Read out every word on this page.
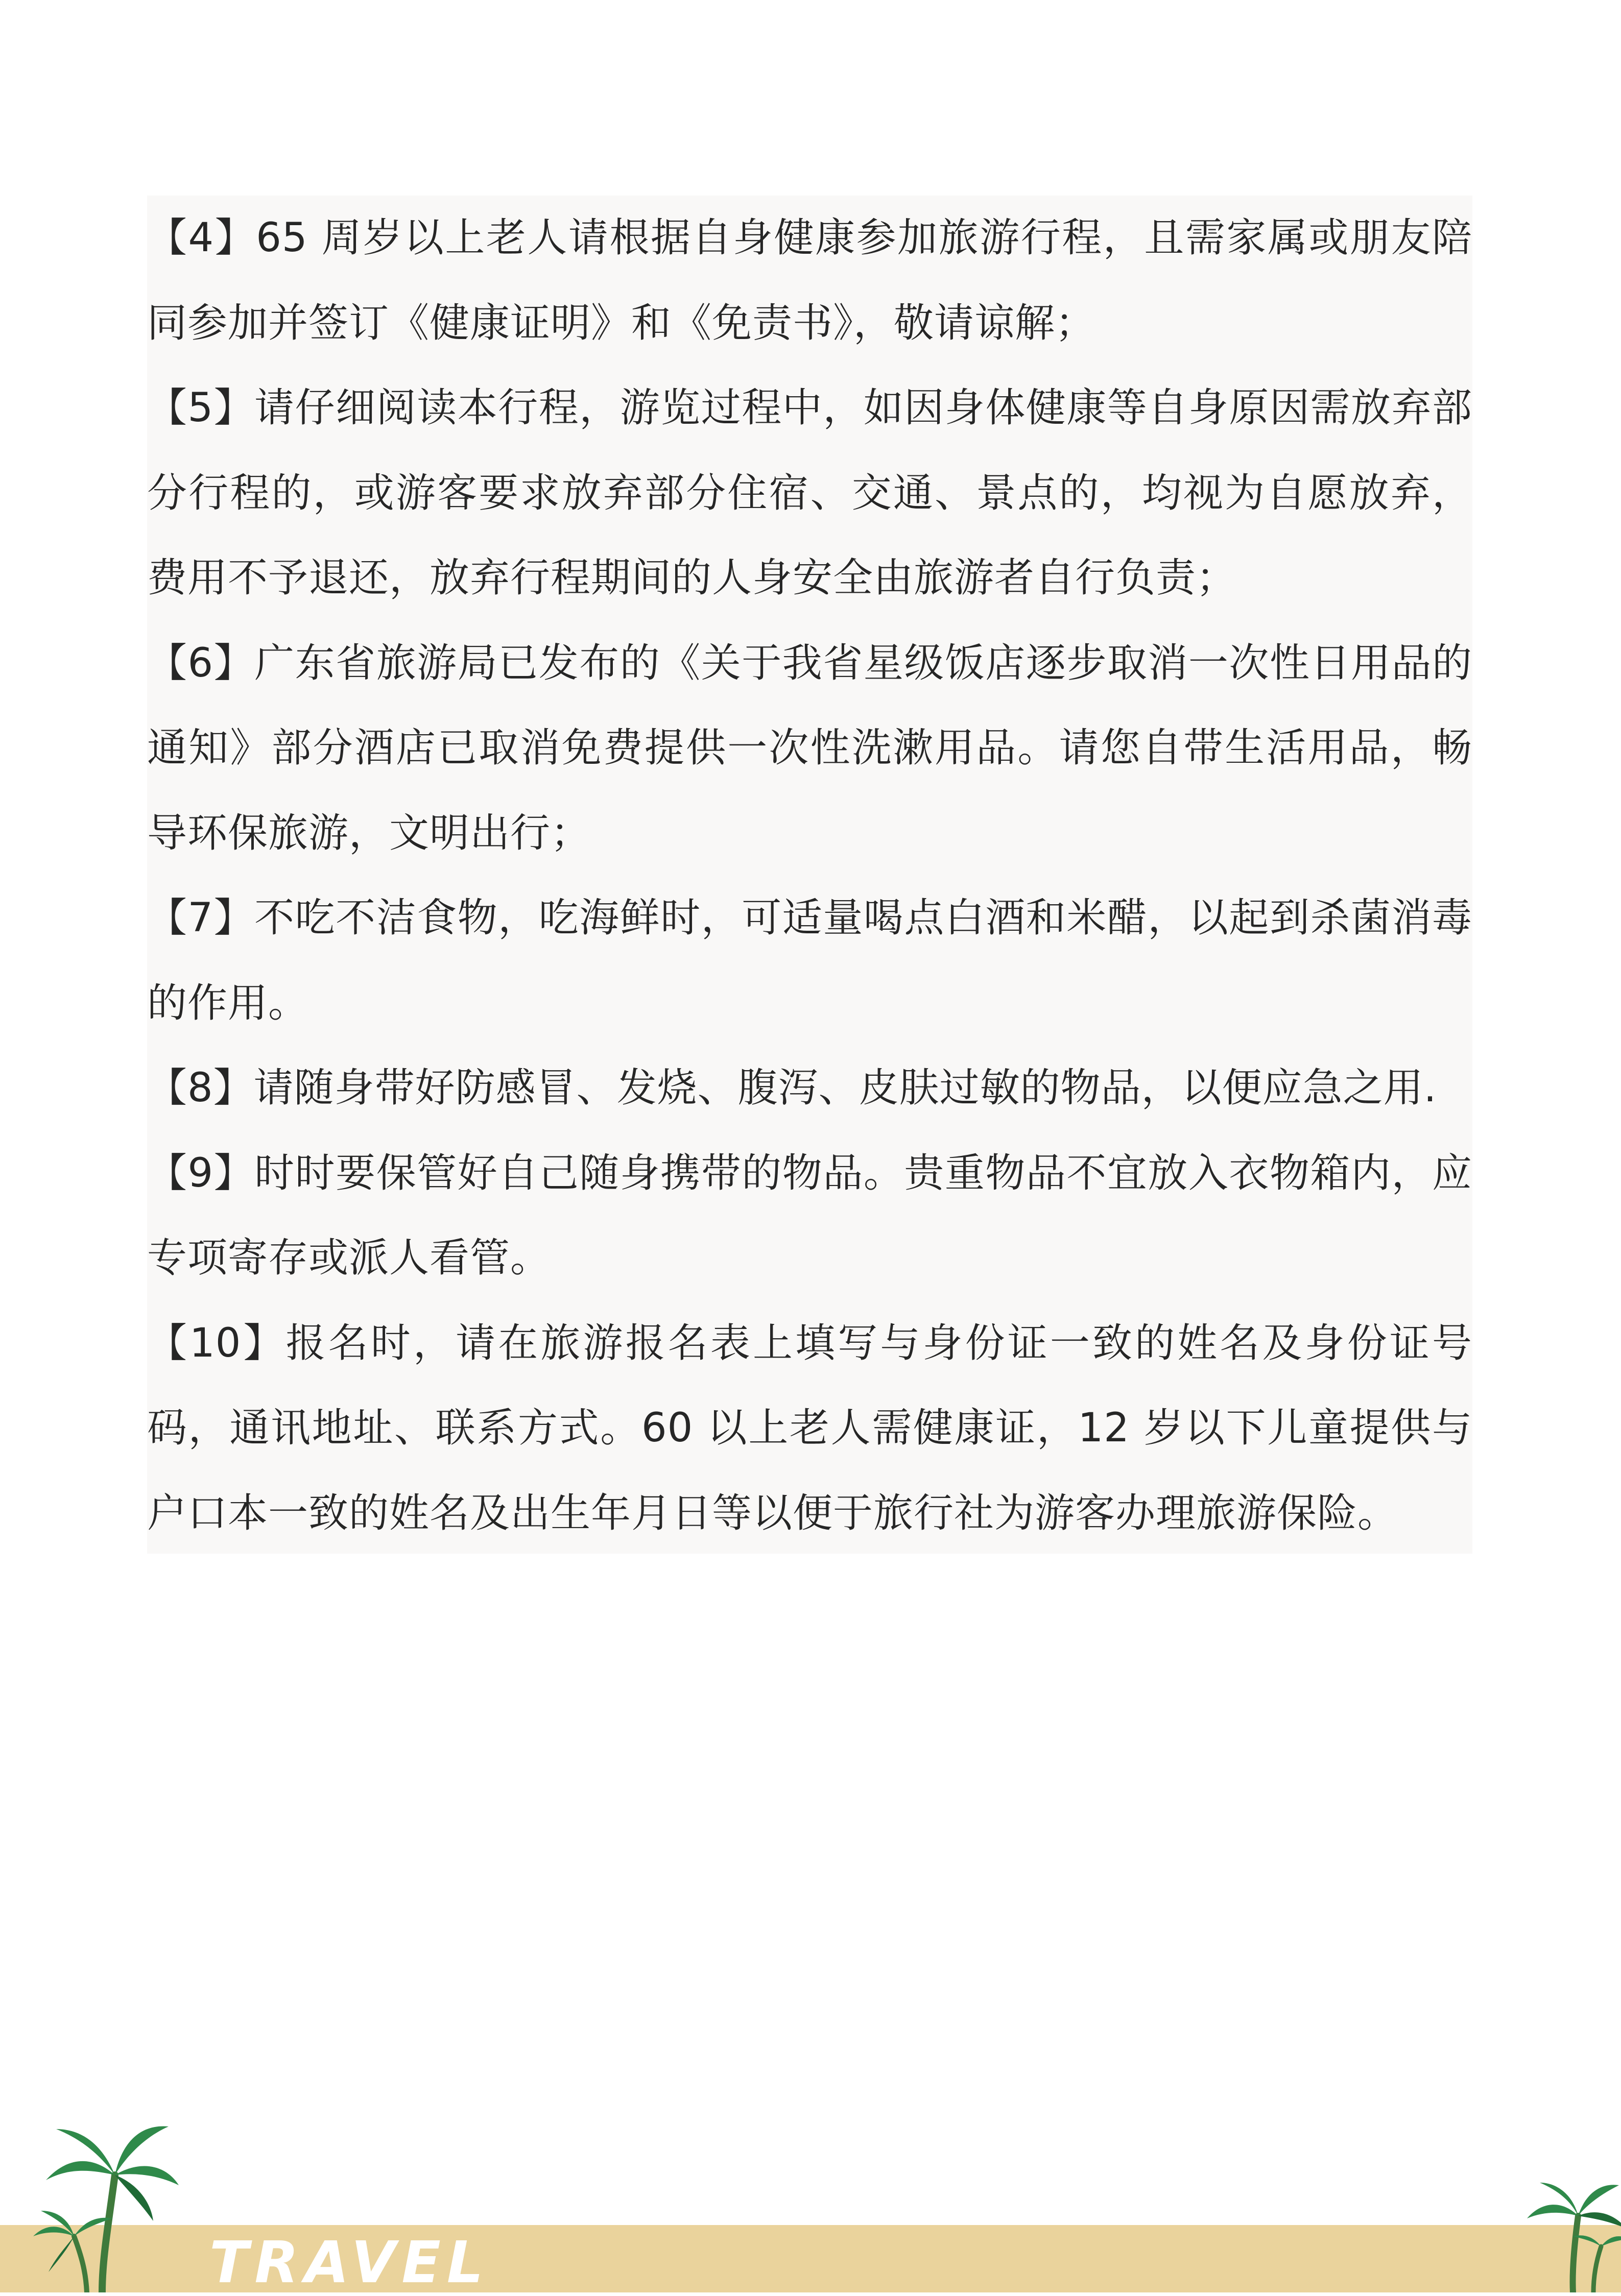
【4】65 周岁以上老人请根据自身健康参加旅游行程，且需家属或朋友陪同参加并签订《健康证明》和《免责书》，敬请谅解；

【5】请仔细阅读本行程，游览过程中，如因身体健康等自身原因需放弃部分行程的，或游客要求放弃部分住宿、交通、景点的，均视为自愿放弃，费用不予退还，放弃行程期间的人身安全由旅游者自行负责；

【6】广东省旅游局已发布的《关于我省星级饭店逐步取消一次性日用品的通知》部分酒店已取消免费提供一次性洗漱用品。请您自带生活用品，畅导环保旅游，文明出行；

【7】不吃不洁食物，吃海鲜时，可适量喝点白酒和米醋，以起到杀菌消毒的作用。

【8】请随身带好防感冒、发烧、腹泻、皮肤过敏的物品，以便应急之用.

【9】时时要保管好自己随身携带的物品。贵重物品不宜放入衣物箱内，应专项寄存或派人看管。

【10】报名时，请在旅游报名表上填写与身份证一致的姓名及身份证号码，通讯地址、联系方式。60 以上老人需健康证，12 岁以下儿童提供与户口本一致的姓名及出生年月日等以便于旅行社为游客办理旅游保险。

TRAVEL
